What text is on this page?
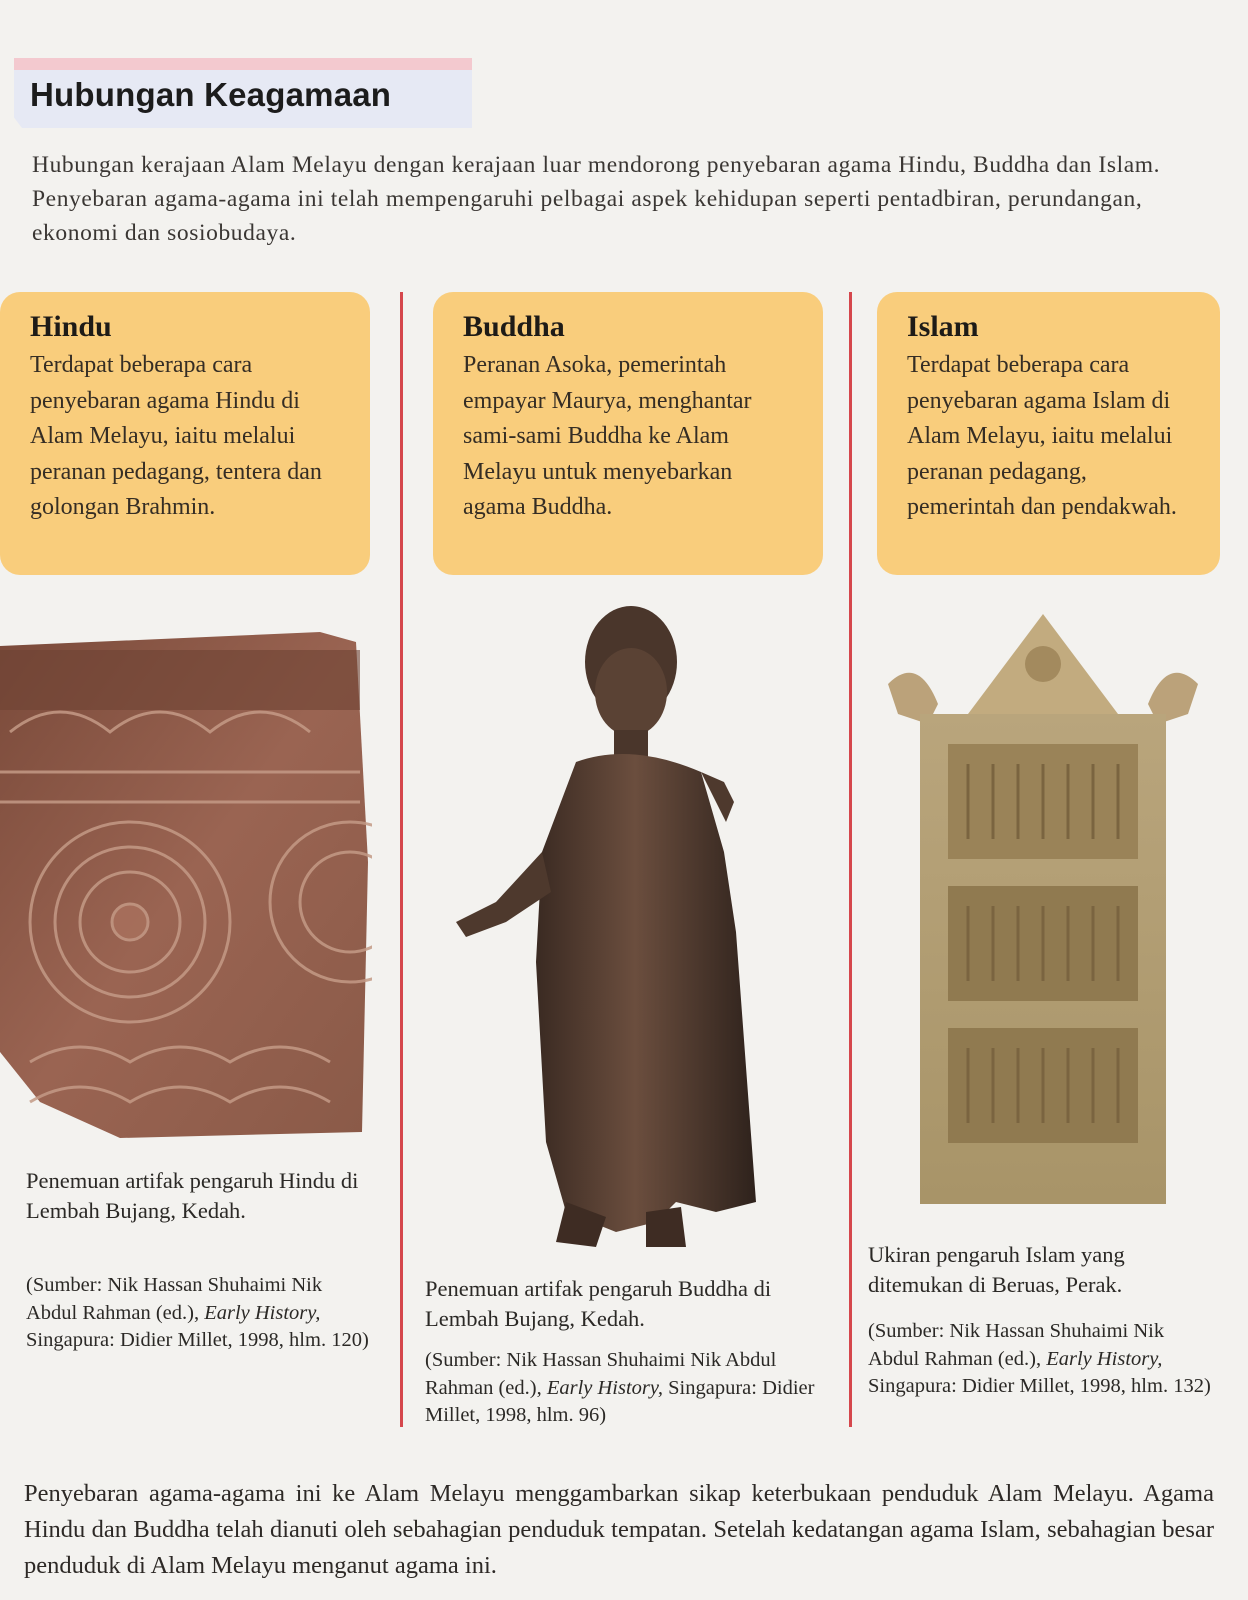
Hubungan Keagamaan

Hubungan kerajaan Alam Melayu dengan kerajaan luar mendorong penyebaran agama Hindu, Buddha dan Islam. Penyebaran agama-agama ini telah mempengaruhi pelbagai aspek kehidupan seperti pentadbiran, perundangan, ekonomi dan sosiobudaya.

Hindu

Terdapat beberapa cara penyebaran agama Hindu di Alam Melayu, iaitu melalui peranan pedagang, tentera dan golongan Brahmin.

Penemuan artifak pengaruh Hindu di Lembah Bujang, Kedah.

(Sumber: Nik Hassan Shuhaimi Nik Abdul Rahman (ed.), Early History, Singapura: Didier Millet, 1998, hlm. 120)

Buddha

Peranan Asoka, pemerintah empayar Maurya, menghantar sami-sami Buddha ke Alam Melayu untuk menyebarkan agama Buddha.

Penemuan artifak pengaruh Buddha di Lembah Bujang, Kedah.

(Sumber: Nik Hassan Shuhaimi Nik Abdul Rahman (ed.), Early History, Singapura: Didier Millet, 1998, hlm. 96)

Islam

Terdapat beberapa cara penyebaran agama Islam di Alam Melayu, iaitu melalui peranan pedagang, pemerintah dan pendakwah.

Ukiran pengaruh Islam yang ditemukan di Beruas, Perak.

(Sumber: Nik Hassan Shuhaimi Nik Abdul Rahman (ed.), Early History, Singapura: Didier Millet, 1998, hlm. 132)

Penyebaran agama-agama ini ke Alam Melayu menggambarkan sikap keterbukaan penduduk Alam Melayu. Agama Hindu dan Buddha telah dianuti oleh sebahagian penduduk tempatan. Setelah kedatangan agama Islam, sebahagian besar penduduk di Alam Melayu menganut agama ini.
